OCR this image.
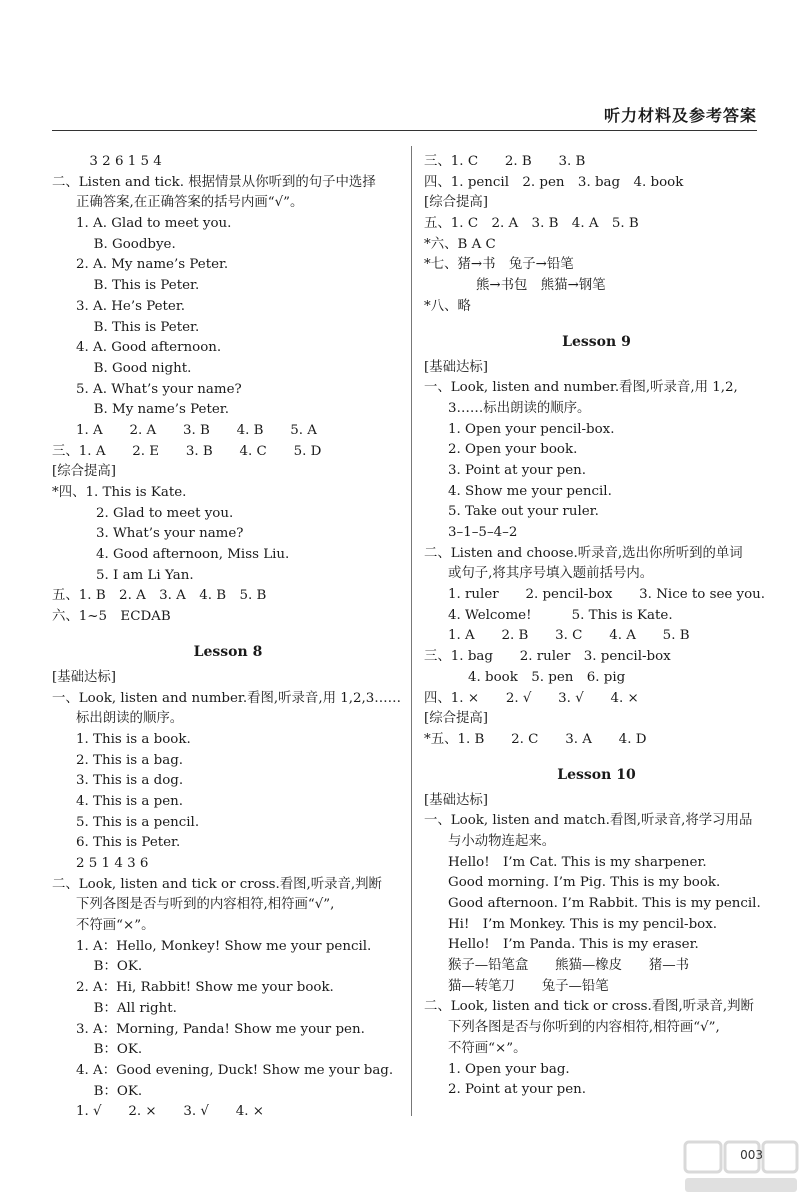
听力材料及参考答案
　3 2 6 1 5 4
二、Listen and tick. 根据情景从你听到的句子中选择
正确答案,在正确答案的括号内画“√”。
1. A. Glad to meet you.
　 B. Goodbye.
2. A. My name’s Peter.
　 B. This is Peter.
3. A. He’s Peter.
　 B. This is Peter.
4. A. Good afternoon.
　 B. Good night.
5. A. What’s your name?
　 B. My name’s Peter.
1. A　　2. A　　3. B　　4. B　　5. A
三、1. A　　2. E　　3. B　　4. C　　5. D
[综合提高]
*四、1. This is Kate.
2. Glad to meet you.
3. What’s your name?
4. Good afternoon, Miss Liu.
5. I am Li Yan.
五、1. B　2. A　3. A　4. B　5. B
六、1~5　ECDAB
Lesson 8
[基础达标]
一、Look, listen and number.看图,听录音,用 1,2,3……
标出朗读的顺序。
1. This is a book.
2. This is a bag.
3. This is a dog.
4. This is a pen.
5. This is a pencil.
6. This is Peter.
2 5 1 4 3 6
二、Look, listen and tick or cross.看图,听录音,判断
下列各图是否与听到的内容相符,相符画“√”,
不符画“×”。
1. A：Hello, Monkey! Show me your pencil.
　 B：OK.
2. A：Hi, Rabbit! Show me your book.
　 B：All right.
3. A：Morning, Panda! Show me your pen.
　 B：OK.
4. A：Good evening, Duck! Show me your bag.
　 B：OK.
1. √　　2. ×　　3. √　　4. ×
三、1. C　　2. B　　3. B
四、1. pencil　2. pen　3. bag　4. book
[综合提高]
五、1. C　2. A　3. B　4. A　5. B
*六、B A C
*七、猪→书　兔子→铅笔
熊→书包　熊猫→钢笔
*八、略
Lesson 9
[基础达标]
一、Look, listen and number.看图,听录音,用 1,2,
3……标出朗读的顺序。
1. Open your pencil-box.
2. Open your book.
3. Point at your pen.
4. Show me your pencil.
5. Take out your ruler.
3–1–5–4–2
二、Listen and choose.听录音,选出你所听到的单词
或句子,将其序号填入题前括号内。
1. ruler　　2. pencil-box　　3. Nice to see you.
4. Welcome!　　　5. This is Kate.
1. A　　2. B　　3. C　　4. A　　5. B
三、1. bag　　2. ruler　3. pencil-box
4. book　5. pen　6. pig
四、1. ×　　2. √　　3. √　　4. ×
[综合提高]
*五、1. B　　2. C　　3. A　　4. D
Lesson 10
[基础达标]
一、Look, listen and match.看图,听录音,将学习用品
与小动物连起来。
Hello!　I’m Cat. This is my sharpener.
Good morning. I’m Pig. This is my book.
Good afternoon. I’m Rabbit. This is my pencil.
Hi!　I’m Monkey. This is my pencil-box.
Hello!　I’m Panda. This is my eraser.
猴子—铅笔盒　　熊猫—橡皮　　猪—书
猫—转笔刀　　兔子—铅笔
二、Look, listen and tick or cross.看图,听录音,判断
下列各图是否与你听到的内容相符,相符画“√”,
不符画“×”。
1. Open your bag.
2. Point at your pen.
003
